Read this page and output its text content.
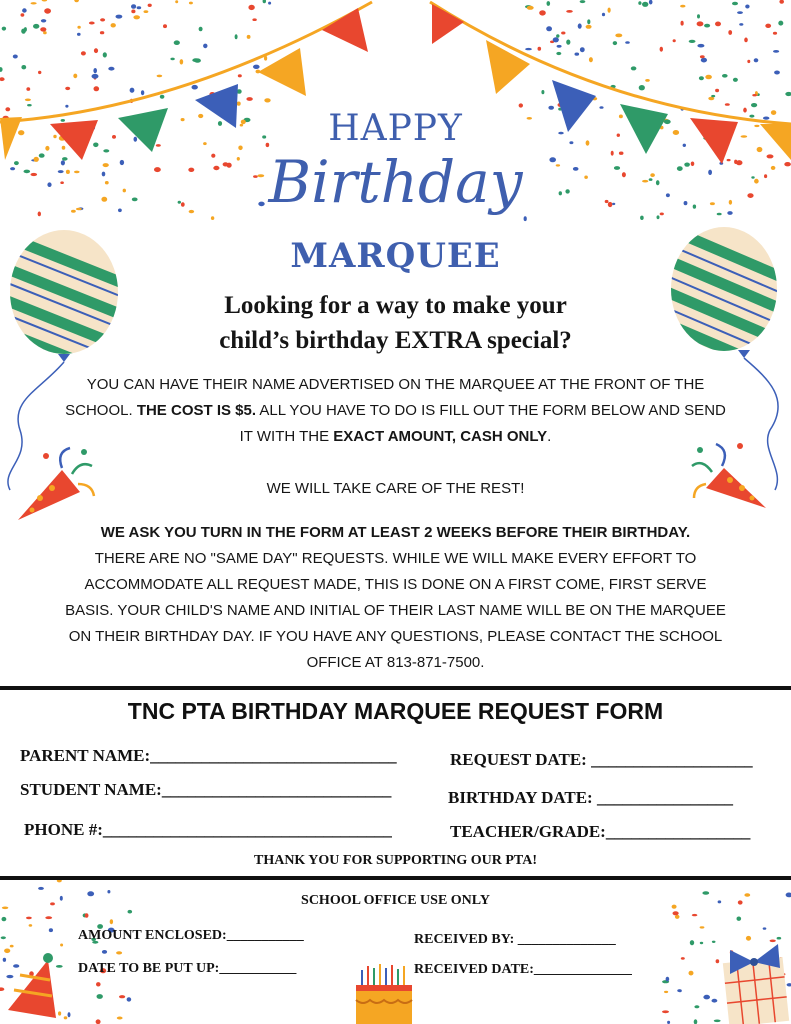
HAPPY
Birthday
MARQUEE
Looking for a way to make your
child’s birthday EXTRA special?
YOU CAN HAVE THEIR NAME ADVERTISED ON THE MARQUEE AT THE FRONT OF THE SCHOOL. THE COST IS $5. ALL YOU HAVE TO DO IS FILL OUT THE FORM BELOW AND SEND IT WITH THE EXACT AMOUNT, CASH ONLY.
WE WILL TAKE CARE OF THE REST!
WE ASK YOU TURN IN THE FORM AT LEAST 2 WEEKS BEFORE THEIR BIRTHDAY.
THERE ARE NO "SAME DAY" REQUESTS. WHILE WE WILL MAKE EVERY EFFORT TO ACCOMMODATE ALL REQUEST MADE, THIS IS DONE ON A FIRST COME, FIRST SERVE BASIS. YOUR CHILD'S NAME AND INITIAL OF THEIR LAST NAME WILL BE ON THE MARQUEE ON THEIR BIRTHDAY DAY. IF YOU HAVE ANY QUESTIONS, PLEASE CONTACT THE SCHOOL OFFICE AT 813-871-7500.
TNC PTA BIRTHDAY MARQUEE REQUEST FORM
PARENT NAME:_____________________________	REQUEST DATE: ___________________
STUDENT NAME:___________________________	BIRTHDAY DATE: ________________
PHONE #:__________________________________	TEACHER/GRADE:_________________
THANK YOU FOR SUPPORTING OUR PTA!
SCHOOL OFFICE USE ONLY
AMOUNT ENCLOSED:___________	RECEIVED BY: ______________
DATE TO BE PUT UP:___________	RECEIVED DATE:______________
